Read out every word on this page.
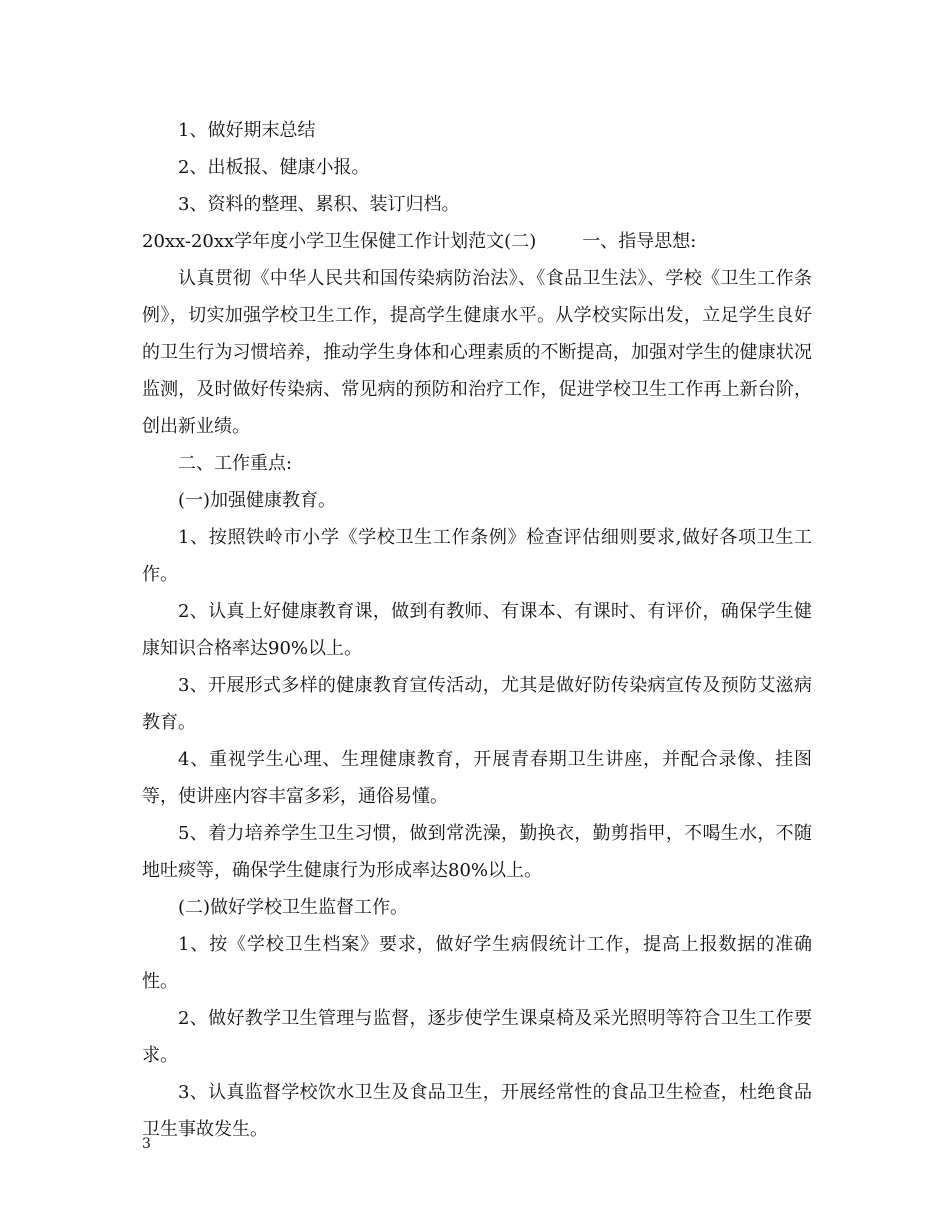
1、做好期末总结

2、出板报、健康小报。

3、资料的整理、累积、装订归档。

20xx-20xx学年度小学卫生保健工作计划范文(二)	一、指导思想:

认真贯彻《中华人民共和国传染病防治法》、《食品卫生法》、学校《卫生工作条例》，切实加强学校卫生工作，提高学生健康水平。从学校实际出发，立足学生良好的卫生行为习惯培养，推动学生身体和心理素质的不断提高，加强对学生的健康状况监测，及时做好传染病、常见病的预防和治疗工作，促进学校卫生工作再上新台阶，创出新业绩。

二、工作重点:

(一)加强健康教育。

1、按照铁岭市小学《学校卫生工作条例》检查评估细则要求,做好各项卫生工作。

2、认真上好健康教育课，做到有教师、有课本、有课时、有评价，确保学生健康知识合格率达90%以上。

3、开展形式多样的健康教育宣传活动，尤其是做好防传染病宣传及预防艾滋病教育。

4、重视学生心理、生理健康教育，开展青春期卫生讲座，并配合录像、挂图等，使讲座内容丰富多彩，通俗易懂。

5、着力培养学生卫生习惯，做到常洗澡，勤换衣，勤剪指甲，不喝生水，不随地吐痰等，确保学生健康行为形成率达80%以上。

(二)做好学校卫生监督工作。

1、按《学校卫生档案》要求，做好学生病假统计工作，提高上报数据的准确性。

2、做好教学卫生管理与监督，逐步使学生课桌椅及采光照明等符合卫生工作要求。

3、认真监督学校饮水卫生及食品卫生，开展经常性的食品卫生检查，杜绝食品卫生事故发生。

3
